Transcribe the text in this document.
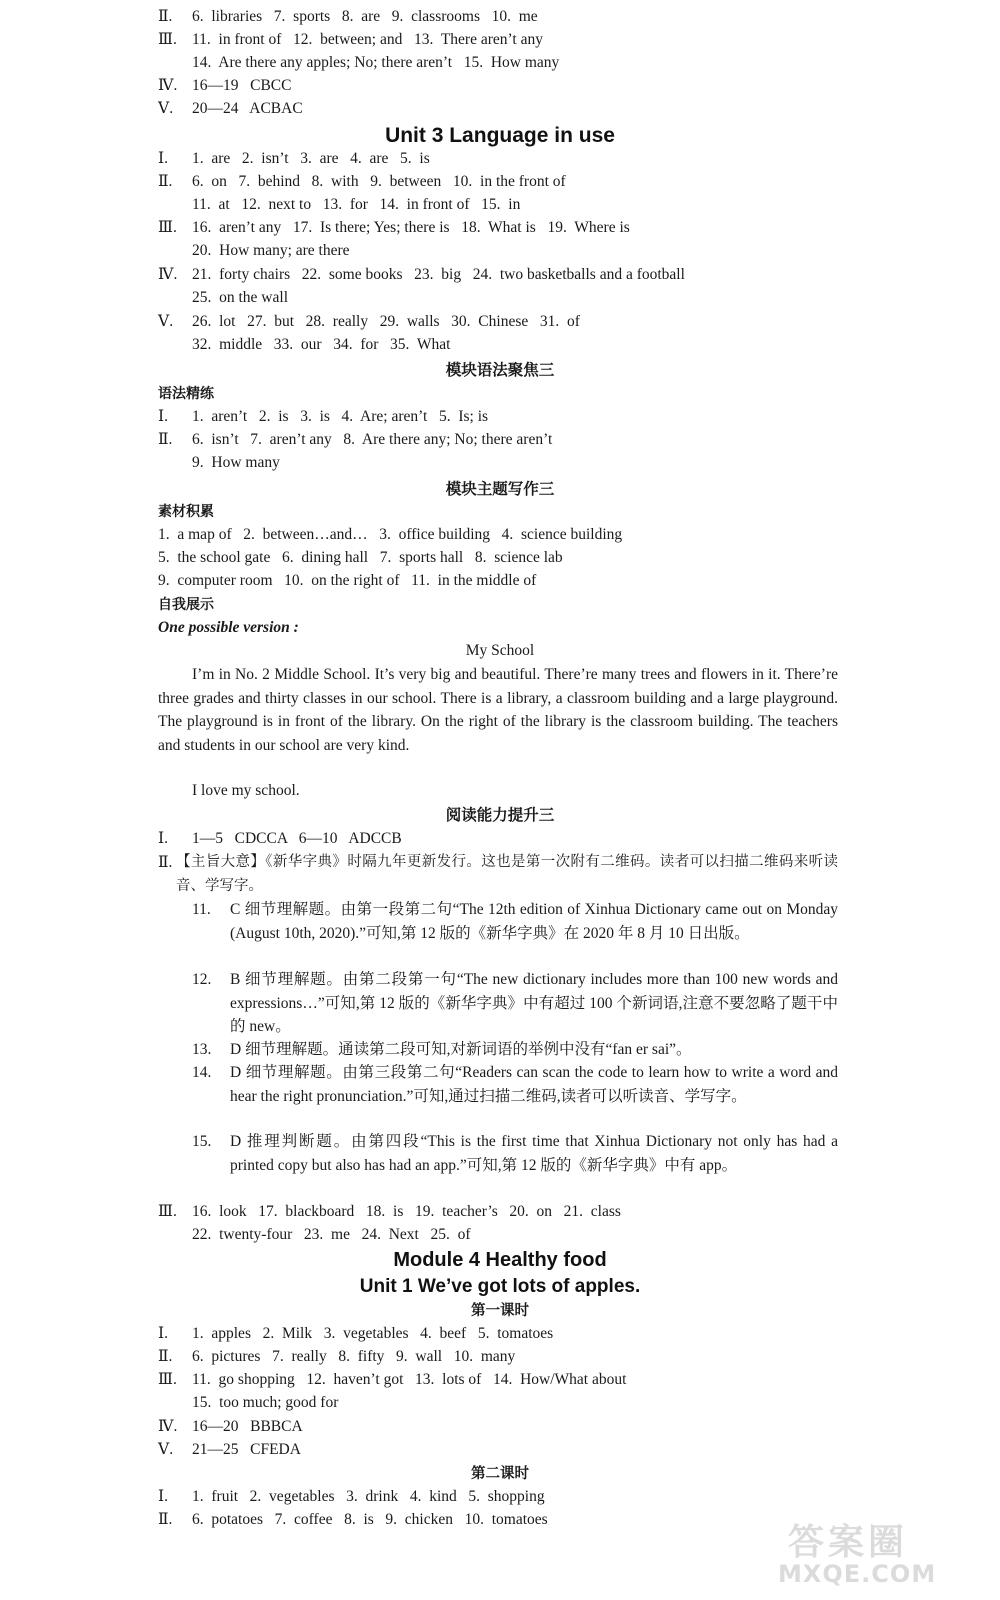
Ⅱ. 6.  libraries   7.  sports   8.  are   9.  classrooms   10.  me
Ⅲ. 11.  in front of   12.  between; and   13.  There aren’t any
14.  Are there any apples; No; there aren’t   15.  How many
Ⅳ. 16—19   CBCC
Ⅴ. 20—24   ACBAC
Unit 3 Language in use
Ⅰ. 1.  are   2.  isn’t   3.  are   4.  are   5.  is
Ⅱ. 6.  on   7.  behind   8.  with   9.  between   10.  in the front of
11.  at   12.  next to   13.  for   14.  in front of   15.  in
Ⅲ. 16.  aren’t any   17.  Is there; Yes; there is   18.  What is   19.  Where is
20.  How many; are there
Ⅳ. 21.  forty chairs   22.  some books   23.  big   24.  two basketballs and a football
25.  on the wall
Ⅴ. 26.  lot   27.  but   28.  really   29.  walls   30.  Chinese   31.  of
32.  middle   33.  our   34.  for   35.  What
模块语法聚焦三
语法精练
Ⅰ. 1.  aren’t   2.  is   3.  is   4.  Are; aren’t   5.  Is; is
Ⅱ. 6.  isn’t   7.  aren’t any   8.  Are there any; No; there aren’t
9.  How many
模块主题写作三
素材积累
1.  a map of   2.  between…and…   3.  office building   4.  science building
5.  the school gate   6.  dining hall   7.  sports hall   8.  science lab
9.  computer room   10.  on the right of   11.  in the middle of
自我展示
One possible version :
My School
I’m in No. 2 Middle School. It’s very big and beautiful. There’re many trees and flowers in it. There’re three grades and thirty classes in our school. There is a library, a classroom building and a large playground. The playground is in front of the library. On the right of the library is the classroom building. The teachers and students in our school are very kind.
I love my school.
阅读能力提升三
Ⅰ. 1—5   CDCCA   6—10   ADCCB
Ⅱ. 【主旨大意】《新华字典》时隔九年更新发行。这也是第一次附有二维码。读者可以扫描二维码来听读音、学写字。
11. C 细节理解题。由第一段第二句“The 12th edition of Xinhua Dictionary came out on Monday (August 10th, 2020).”可知,第 12 版的《新华字典》在 2020 年 8 月 10 日出版。
12. B 细节理解题。由第二段第一句“The new dictionary includes more than 100 new words and expressions…”可知,第 12 版的《新华字典》中有超过 100 个新词语,注意不要忽略了题干中的 new。
13. D 细节理解题。通读第二段可知,对新词语的举例中没有“fan er sai”。
14. D 细节理解题。由第三段第二句“Readers can scan the code to learn how to write a word and hear the right pronunciation.”可知,通过扫描二维码,读者可以听读音、学写字。
15. D 推理判断题。由第四段“This is the first time that Xinhua Dictionary not only has had a printed copy but also has had an app.”可知,第 12 版的《新华字典》中有 app。
Ⅲ. 16.  look   17.  blackboard   18.  is   19.  teacher’s   20.  on   21.  class
22.  twenty-four   23.  me   24.  Next   25.  of
Module 4 Healthy food
Unit 1 We’ve got lots of apples.
第一课时
Ⅰ. 1.  apples   2.  Milk   3.  vegetables   4.  beef   5.  tomatoes
Ⅱ. 6.  pictures   7.  really   8.  fifty   9.  wall   10.  many
Ⅲ. 11.  go shopping   12.  haven’t got   13.  lots of   14.  How/What about
15.  too much; good for
Ⅳ. 16—20   BBBCA
Ⅴ. 21—25   CFEDA
第二课时
Ⅰ. 1.  fruit   2.  vegetables   3.  drink   4.  kind   5.  shopping
Ⅱ. 6.  potatoes   7.  coffee   8.  is   9.  chicken   10.  tomatoes
答案圈
MXQE.COM
